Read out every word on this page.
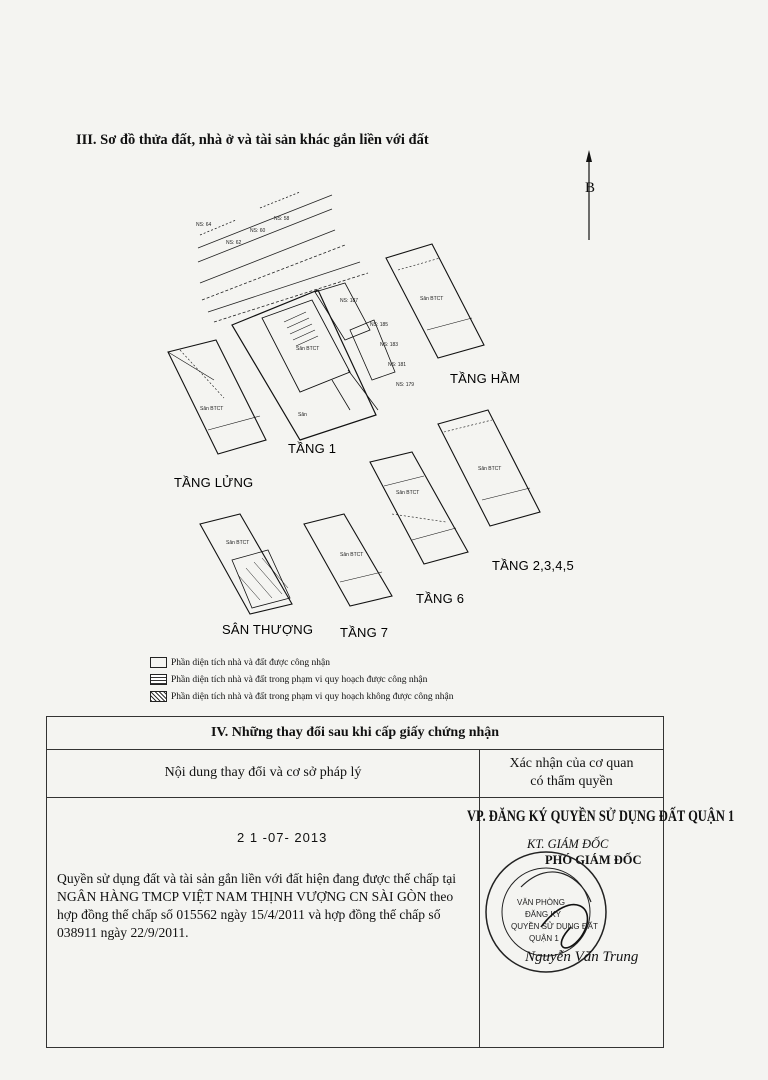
III. Sơ đồ thửa đất, nhà ở và tài sản khác gắn liền với đất
B
Sân BTCT
Sân BTCT
Sân BTCT
Sân BTCT
Sân BTCT
Sân BTCT
Sân BTCT
Sân
NS: 187
NS: 185
NS: 183
NS: 181
NS: 179
NS: 62
NS: 60
NS: 58
NS: 64
TẦNG HẦM
TẦNG 1
TẦNG LỬNG
TẦNG 2,3,4,5
TẦNG 6
TẦNG 7
SÂN THƯỢNG
Phần diện tích nhà và đất được công nhận
Phần diện tích nhà và đất trong phạm vi quy hoạch được công nhận
Phần diện tích nhà và đất trong phạm vi quy hoạch không được công nhận
IV. Những thay đổi sau khi cấp giấy chứng nhận
Nội dung thay đổi và cơ sở pháp lý
Xác nhận của cơ quan
có thẩm quyền
2 1 -07- 2013
Quyền sử dụng đất và tài sản gắn liền với đất hiện đang được thế chấp tại NGÂN HÀNG TMCP VIỆT NAM THỊNH VƯỢNG CN SÀI GÒN theo hợp đồng thế chấp số 015562 ngày 15/4/2011 và hợp đồng thế chấp số 038911 ngày 22/9/2011.
VP. ĐĂNG KÝ QUYỀN SỬ DỤNG ĐẤT QUẬN 1
KT. GIÁM ĐỐC
PHÓ GIÁM ĐỐC
VĂN PHÒNG
ĐĂNG KÝ
QUYỀN SỬ DỤNG ĐẤT
QUẬN 1
Nguyễn Văn Trung
